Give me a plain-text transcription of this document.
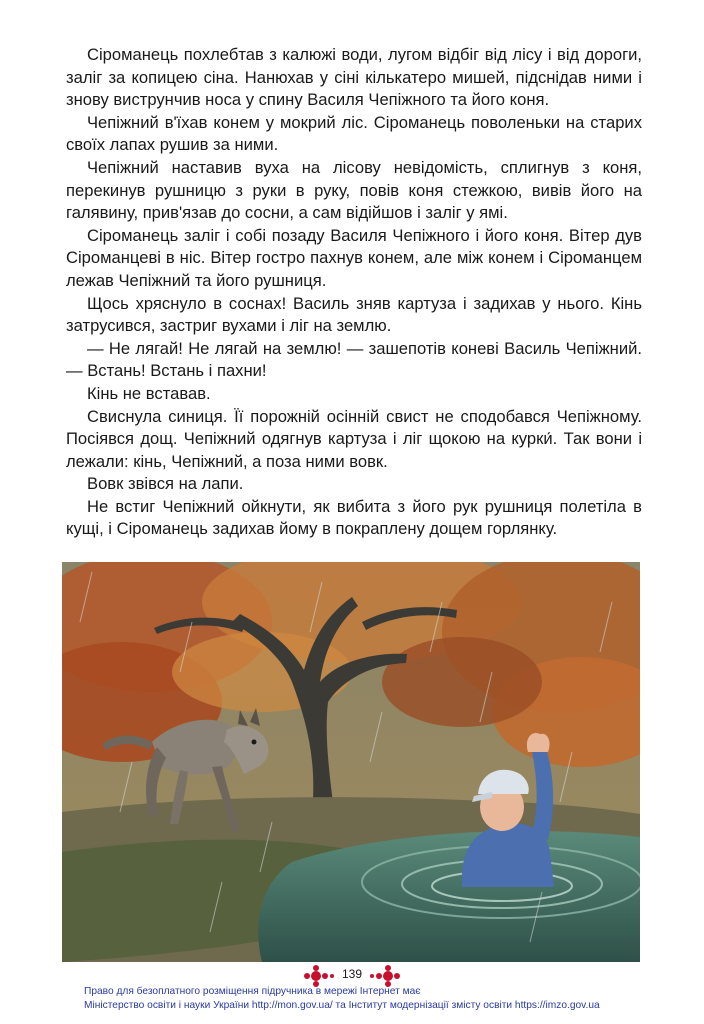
Сіроманець похлебтав з калюжі води, лугом відбіг від лісу і від дороги, заліг за копицею сіна. Нанюхав у сіні кількатеро мишей, підснідав ними і знову виструнчив носа у спину Василя Чепіжного та його коня.

Чепіжний в'їхав конем у мокрий ліс. Сіроманець поволеньки на старих своїх лапах рушив за ними.

Чепіжний наставив вуха на лісову невідомість, сплигнув з коня, перекинув рушницю з руки в руку, повів коня стежкою, вивів його на галявину, прив'язав до сосни, а сам відійшов і заліг у ямі.

Сіроманець заліг і собі позаду Василя Чепіжного і його коня. Вітер дув Сіроманцеві в ніс. Вітер гостро пахнув конем, але між конем і Сіроманцем лежав Чепіжний та його рушниця.

Щось хряснуло в соснах! Василь зняв картуза і задихав у нього. Кінь затрусився, застриг вухами і ліг на землю.

— Не лягай! Не лягай на землю! — зашепотів коневі Василь Чепіжний. — Встань! Встань і пахни!

Кінь не вставав.

Свиснула синиця. Її порожній осінній свист не сподобався Чепіжному. Посіявся дощ. Чепіжний одягнув картуза і ліг щокою на курки́. Так вони і лежали: кінь, Чепіжний, а поза ними вовк.

Вовк звівся на лапи.

Не встиг Чепіжний ойкнути, як вибита з його рук рушниця полетіла в кущі, і Сіроманець задихав йому в покраплену дощем горлянку.

139
Право для безоплатного розміщення підручника в мережі Інтернет має
Міністерство освіти і науки України http://mon.gov.ua/ та Інститут модернізації змісту освіти https://imzo.gov.ua
